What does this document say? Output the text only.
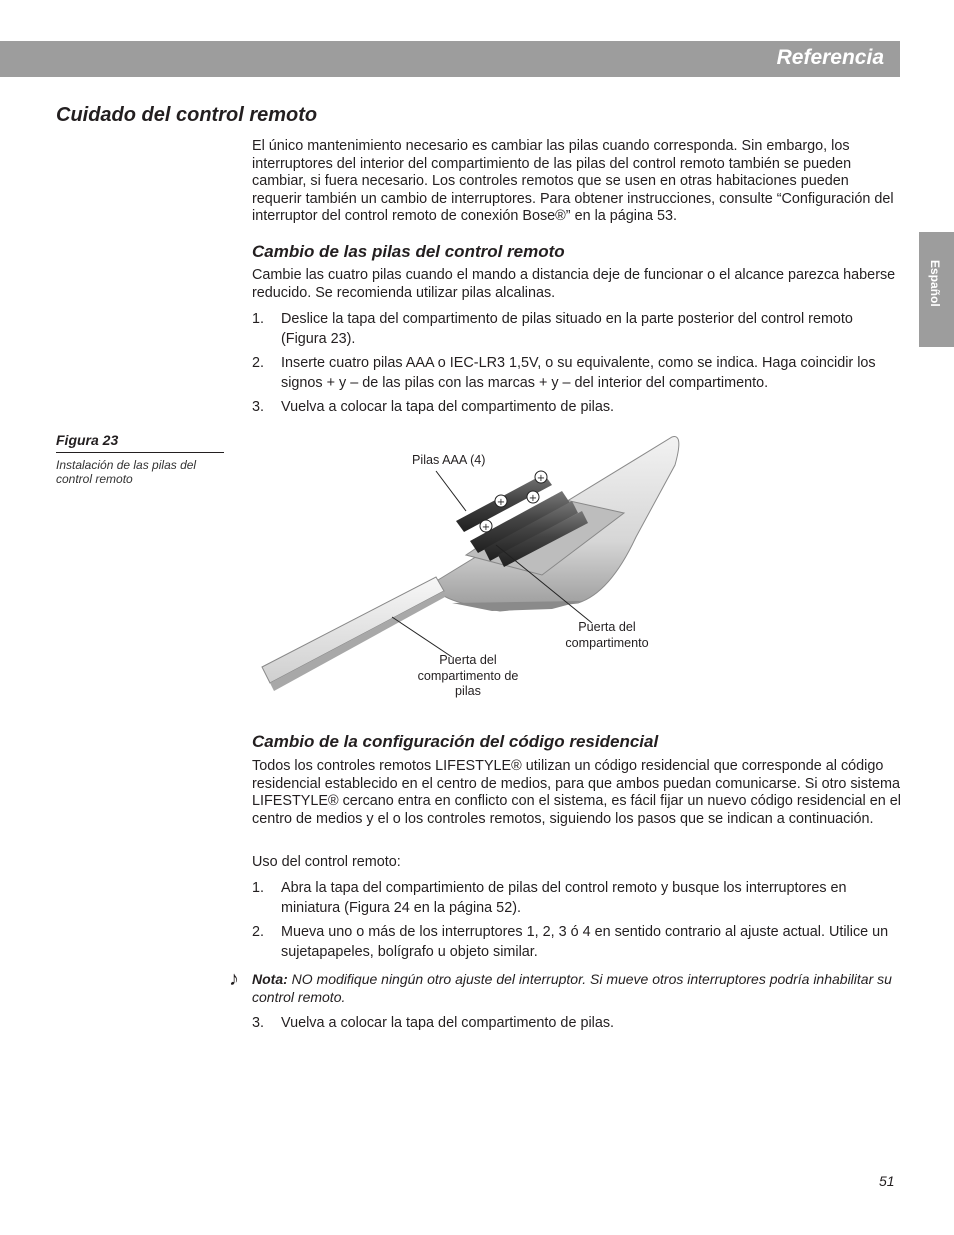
Referencia
Español
Cuidado del control remoto

El único mantenimiento necesario es cambiar las pilas cuando corresponda. Sin embargo, los interruptores del interior del compartimiento de las pilas del control remoto también se pueden cambiar, si fuera necesario. Los controles remotos que se usen en otras habitaciones pueden requerir también un cambio de interruptores. Para obtener instrucciones, consulte “Configuración del interruptor del control remoto de conexión Bose®” en la página 53.

Cambio de las pilas del control remoto

Cambie las cuatro pilas cuando el mando a distancia deje de funcionar o el alcance parezca haberse reducido. Se recomienda utilizar pilas alcalinas.

1. Deslice la tapa del compartimento de pilas situado en la parte posterior del control remoto (Figura 23).
2. Inserte cuatro pilas AAA o IEC-LR3 1,5V, o su equivalente, como se indica. Haga coincidir los signos + y – de las pilas con las marcas + y – del interior del compartimento.
3. Vuelva a colocar la tapa del compartimento de pilas.
Figura 23
Instalación de las pilas del control remoto	+
+ +
+
Pilas AAA (4)
Puerta del compartimento
Puerta del compartimento de pilas
Cambio de la configuración del código residencial

Todos los controles remotos LIFESTYLE® utilizan un código residencial que corresponde al código residencial establecido en el centro de medios, para que ambos puedan comunicarse. Si otro sistema LIFESTYLE® cercano entra en conflicto con el sistema, es fácil fijar un nuevo código residencial en el centro de medios y el o los controles remotos, siguiendo los pasos que se indican a continuación.

Uso del control remoto:

1. Abra la tapa del compartimiento de pilas del control remoto y busque los interruptores en miniatura (Figura 24 en la página 52).
2. Mueva uno o más de los interruptores 1, 2, 3 ó 4 en sentido contrario al ajuste actual. Utilice un sujetapapeles, bolígrafo u objeto similar.
♪ Nota: NO modifique ningún otro ajuste del interruptor. Si mueve otros interruptores podría inhabilitar su control remoto.
3. Vuelva a colocar la tapa del compartimento de pilas.
51
